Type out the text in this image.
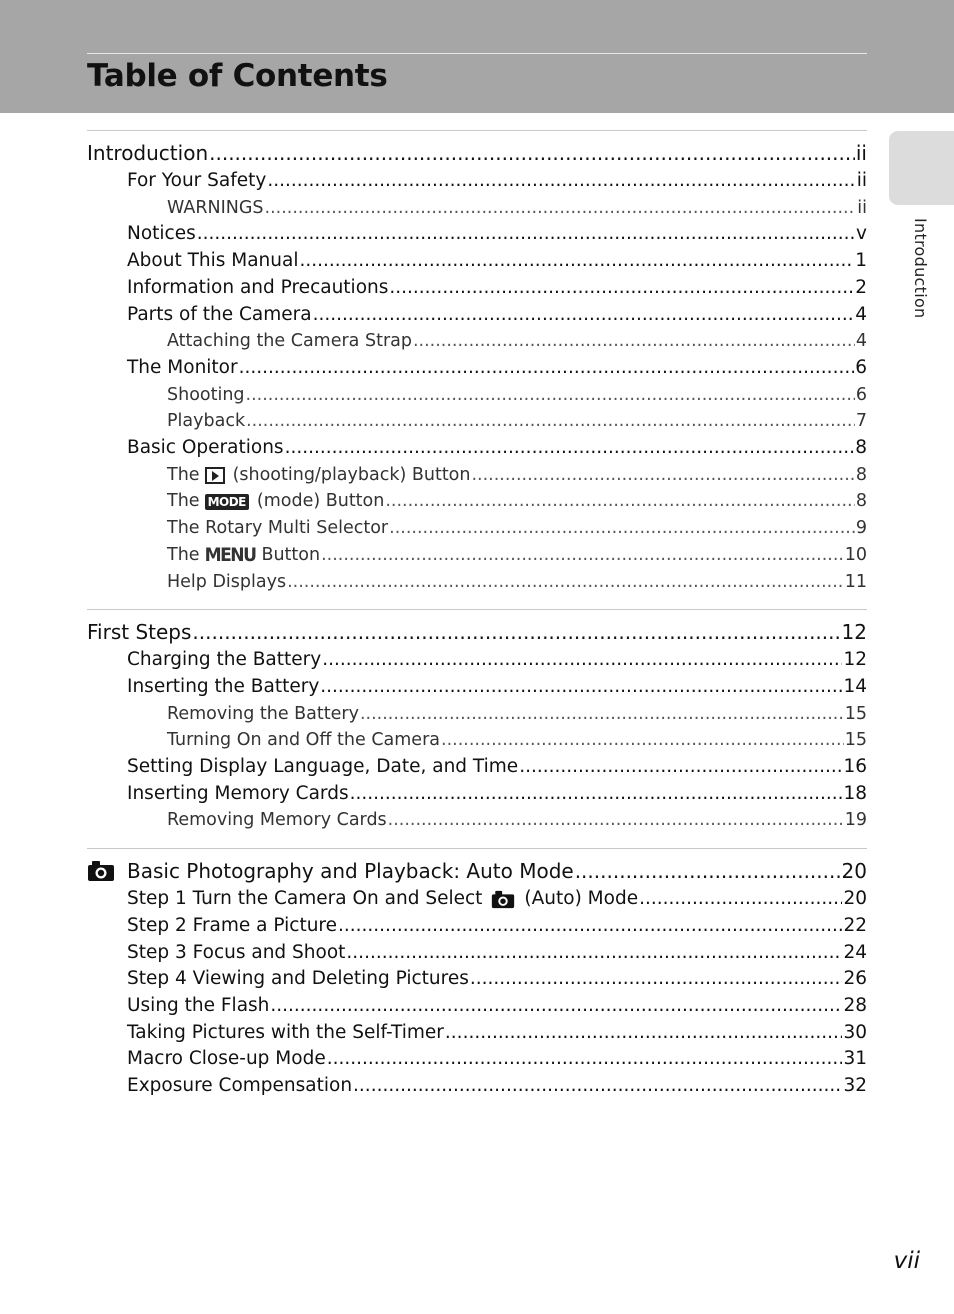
Table of Contents
Introduction
Introduction .....	ii
For Your Safety .....	ii
WARNINGS .....	ii
Notices .....	v
About This Manual .....	1
Information and Precautions .....	2
Parts of the Camera .....	4
Attaching the Camera Strap .....	4
The Monitor .....	6
Shooting .....	6
Playback .....	7
Basic Operations .....	8
The (shooting/playback) Button .....	8
The MODE (mode) Button .....	8
The Rotary Multi Selector .....	9
The MENU Button .....	10
Help Displays .....	11
First Steps .....	12
Charging the Battery .....	12
Inserting the Battery .....	14
Removing the Battery .....	15
Turning On and Off the Camera .....	15
Setting Display Language, Date, and Time .....	16
Inserting Memory Cards .....	18
Removing Memory Cards .....	19
Basic Photography and Playback: Auto Mode .....	20
Step 1 Turn the Camera On and Select (Auto) Mode .....	20
Step 2 Frame a Picture .....	22
Step 3 Focus and Shoot .....	24
Step 4 Viewing and Deleting Pictures .....	26
Using the Flash .....	28
Taking Pictures with the Self-Timer .....	30
Macro Close-up Mode .....	31
Exposure Compensation .....	32
vii
